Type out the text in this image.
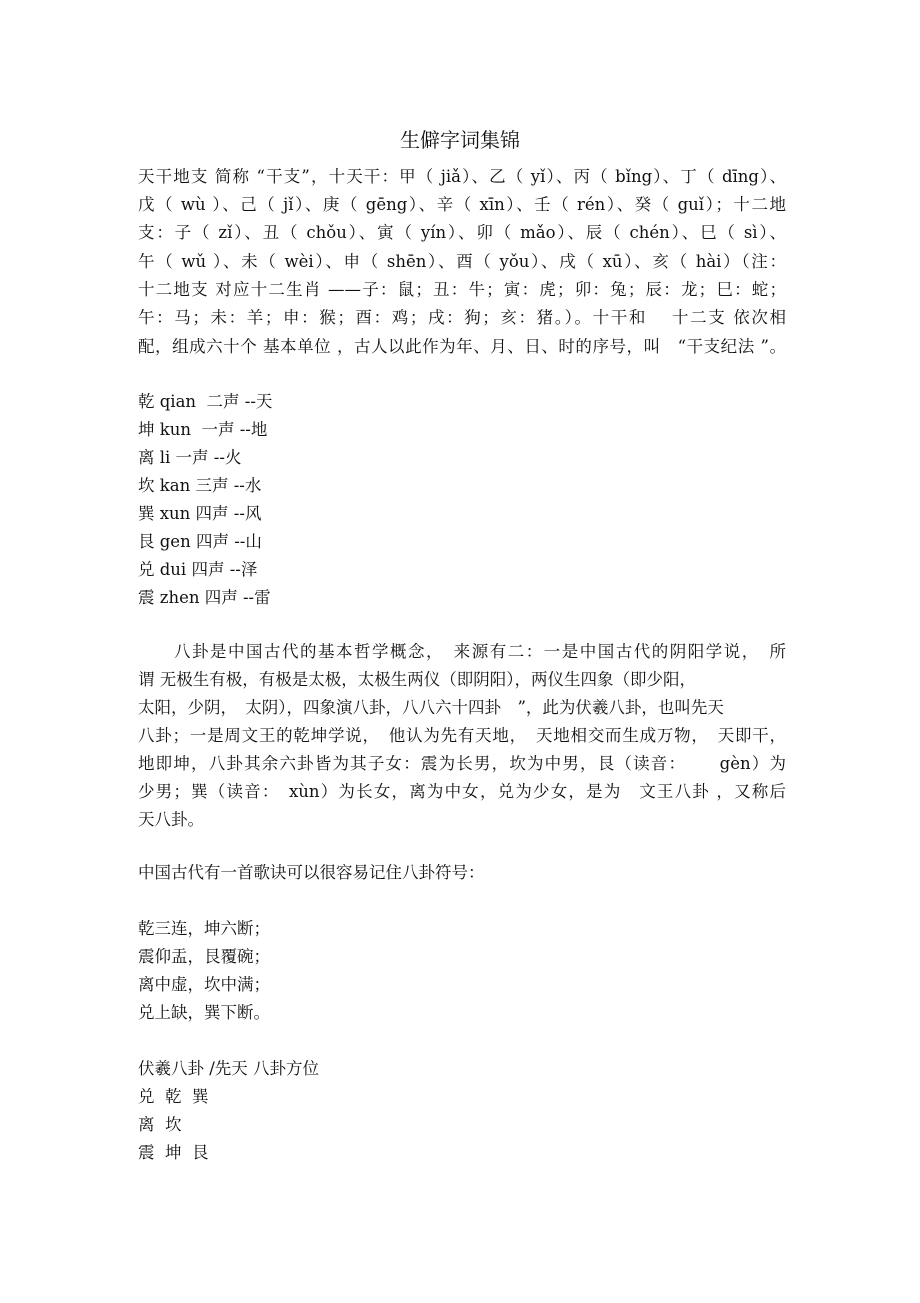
生僻字词集锦
天干地支 简称 “干支”，十天干：甲（ jiǎ）、乙（ yǐ）、丙（ bǐng）、丁（ dīng）、
戊（ wù ）、己（ jǐ）、庚（ gēng）、辛（ xīn）、壬（ rén）、癸（ guǐ）；十二地
支：子（ zǐ）、丑（ chǒu）、寅（ yín）、卯（ mǎo）、辰（ chén）、巳（ sì）、
午（ wǔ ）、未（ wèi）、申（ shēn）、酉（ yǒu）、戌（ xū）、亥（ hài）（注：
十二地支 对应十二生肖 ——子：鼠；丑：牛；寅：虎；卯：兔；辰：龙；巳：蛇；
午：马；未：羊；申：猴；酉：鸡；戌：狗；亥：猪。）。十干和　 十二支 依次相
配，组成六十个 基本单位 ，古人以此作为年、月、日、时的序号，叫　“干支纪法 ”。
乾 qian  二声 --天
坤 kun  一声 --地
离 li 一声 --火
坎 kan 三声 --水
巽 xun 四声 --风
艮 gen 四声 --山
兑 dui 四声 --泽
震 zhen 四声 --雷
　　八卦是中国古代的基本哲学概念，　来源有二：一是中国古代的阴阳学说，　所
谓 无极生有极，有极是太极，太极生两仪（即阴阳），两仪生四象（即少阳，
太阳，少阴，　太阴），四象演八卦，八八六十四卦　”，此为伏羲八卦，也叫先天
八卦；一是周文王的乾坤学说，　他认为先有天地，　天地相交而生成万物，　天即干，
地即坤，八卦其余六卦皆为其子女：震为长男，坎为中男，艮（读音：　　 gèn）为
少男；巽（读音：　xùn）为长女，离为中女，兑为少女，是为　文王八卦 ，又称后
天八卦。
中国古代有一首歌诀可以很容易记住八卦符号：
乾三连，坤六断；
震仰盂，艮覆碗；
离中虚，坎中满；
兑上缺，巽下断。
伏羲八卦 /先天 八卦方位
兑  乾  巽
离  坎
震  坤  艮
